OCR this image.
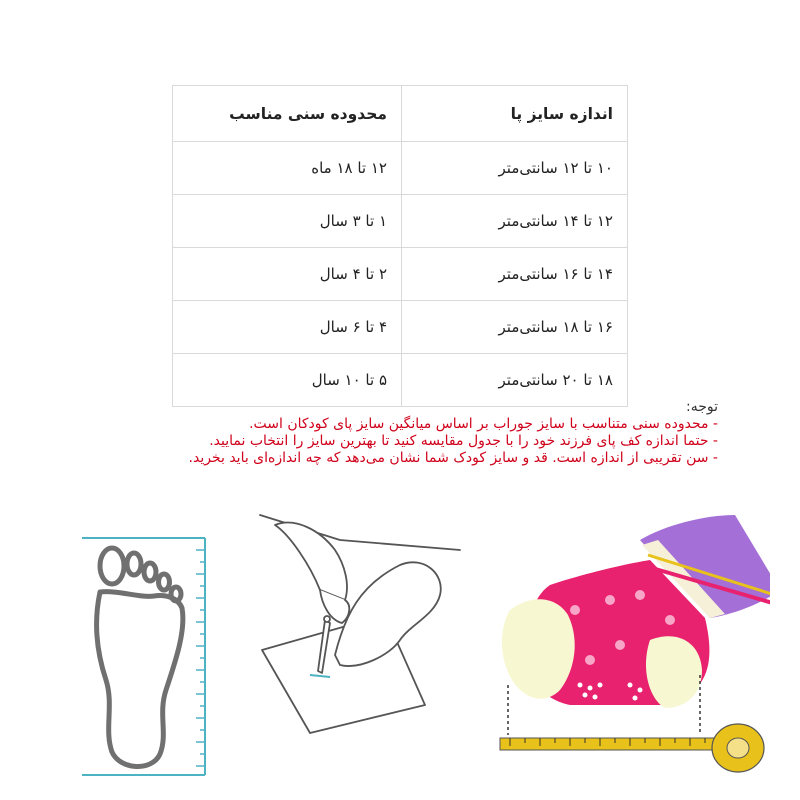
اندازه سایز پا	محدوده سنی مناسب
۱۰ تا ۱۲ سانتی‌متر	۱۲ تا ۱۸ ماه
۱۲ تا ۱۴ سانتی‌متر	۱ تا ۳ سال
۱۴ تا ۱۶ سانتی‌متر	۲ تا ۴ سال
۱۶ تا ۱۸ سانتی‌متر	۴ تا ۶ سال
۱۸ تا ۲۰ سانتی‌متر	۵ تا ۱۰ سال
توجه:
- محدوده سنی متناسب با سایز جوراب بر اساس میانگین سایز پای کودکان است.
- حتما اندازه کف پای فرزند خود را با جدول مقایسه کنید تا بهترین سایز را انتخاب نمایید.
- سن تقریبی از اندازه است. قد و سایز کودک شما نشان می‌دهد که چه اندازه‌ای باید بخرید.
